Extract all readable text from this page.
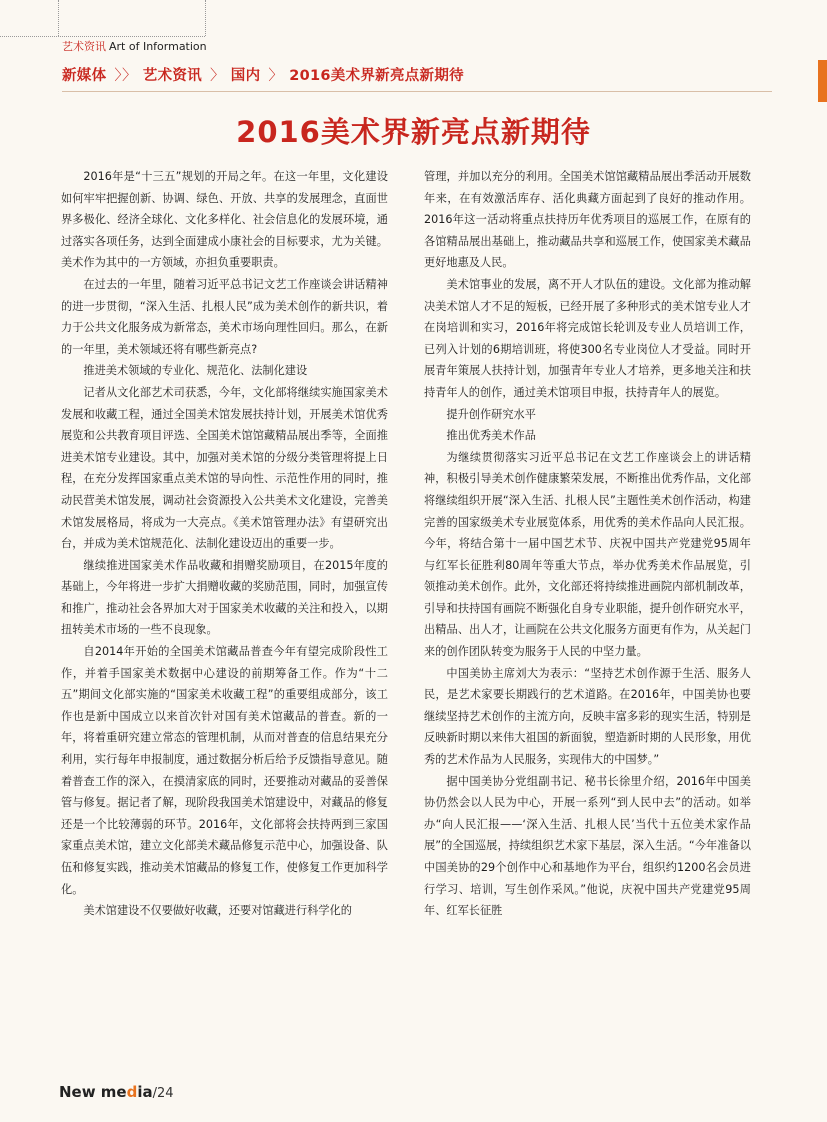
艺术资讯 Art of Information
新媒体 〉〉 艺术资讯 〉 国内 〉 2016美术界新亮点新期待
2016美术界新亮点新期待

2016年是“十三五”规划的开局之年。在这一年里，文化建设如何牢牢把握创新、协调、绿色、开放、共享的发展理念，直面世界多极化、经济全球化、文化多样化、社会信息化的发展环境，通过落实各项任务，达到全面建成小康社会的目标要求，尤为关键。美术作为其中的一方领域，亦担负重要职责。

在过去的一年里，随着习近平总书记文艺工作座谈会讲话精神的进一步贯彻，“深入生活、扎根人民”成为美术创作的新共识，着力于公共文化服务成为新常态，美术市场向理性回归。那么，在新的一年里，美术领域还将有哪些新亮点?

推进美术领域的专业化、规范化、法制化建设

记者从文化部艺术司获悉，今年，文化部将继续实施国家美术发展和收藏工程，通过全国美术馆发展扶持计划，开展美术馆优秀展览和公共教育项目评选、全国美术馆馆藏精品展出季等，全面推进美术馆专业建设。其中，加强对美术馆的分级分类管理将提上日程，在充分发挥国家重点美术馆的导向性、示范性作用的同时，推动民营美术馆发展，调动社会资源投入公共美术文化建设，完善美术馆发展格局，将成为一大亮点。《美术馆管理办法》有望研究出台，并成为美术馆规范化、法制化建设迈出的重要一步。

继续推进国家美术作品收藏和捐赠奖励项目，在2015年度的基础上，今年将进一步扩大捐赠收藏的奖励范围，同时，加强宣传和推广，推动社会各界加大对于国家美术收藏的关注和投入，以期扭转美术市场的一些不良现象。

自2014年开始的全国美术馆藏品普查今年有望完成阶段性工作，并着手国家美术数据中心建设的前期筹备工作。作为“十二五”期间文化部实施的“国家美术收藏工程”的重要组成部分，该工作也是新中国成立以来首次针对国有美术馆藏品的普查。新的一年，将着重研究建立常态的管理机制，从而对普查的信息结果充分利用，实行每年申报制度，通过数据分析后给予反馈指导意见。随着普查工作的深入，在摸清家底的同时，还要推动对藏品的妥善保管与修复。据记者了解，现阶段我国美术馆建设中，对藏品的修复还是一个比较薄弱的环节。2016年，文化部将会扶持两到三家国家重点美术馆，建立文化部美术藏品修复示范中心，加强设备、队伍和修复实践，推动美术馆藏品的修复工作，使修复工作更加科学化。

美术馆建设不仅要做好收藏，还要对馆藏进行科学化的

管理，并加以充分的利用。全国美术馆馆藏精品展出季活动开展数年来，在有效激活库存、活化典藏方面起到了良好的推动作用。2016年这一活动将重点扶持历年优秀项目的巡展工作，在原有的各馆精品展出基础上，推动藏品共享和巡展工作，使国家美术藏品更好地惠及人民。

美术馆事业的发展，离不开人才队伍的建设。文化部为推动解决美术馆人才不足的短板，已经开展了多种形式的美术馆专业人才在岗培训和实习，2016年将完成馆长轮训及专业人员培训工作，已列入计划的6期培训班，将使300名专业岗位人才受益。同时开展青年策展人扶持计划，加强青年专业人才培养，更多地关注和扶持青年人的创作，通过美术馆项目申报，扶持青年人的展览。

提升创作研究水平

推出优秀美术作品

为继续贯彻落实习近平总书记在文艺工作座谈会上的讲话精神，积极引导美术创作健康繁荣发展，不断推出优秀作品，文化部将继续组织开展“深入生活、扎根人民”主题性美术创作活动，构建完善的国家级美术专业展览体系，用优秀的美术作品向人民汇报。今年，将结合第十一届中国艺术节、庆祝中国共产党建党95周年与红军长征胜利80周年等重大节点，举办优秀美术作品展览，引领推动美术创作。此外，文化部还将持续推进画院内部机制改革，引导和扶持国有画院不断强化自身专业职能，提升创作研究水平，出精品、出人才，让画院在公共文化服务方面更有作为，从关起门来的创作团队转变为服务于人民的中坚力量。

中国美协主席刘大为表示：“坚持艺术创作源于生活、服务人民，是艺术家要长期践行的艺术道路。在2016年，中国美协也要继续坚持艺术创作的主流方向，反映丰富多彩的现实生活，特别是反映新时期以来伟大祖国的新面貌，塑造新时期的人民形象，用优秀的艺术作品为人民服务，实现伟大的中国梦。”

据中国美协分党组副书记、秘书长徐里介绍，2016年中国美协仍然会以人民为中心，开展一系列“到人民中去”的活动。如举办“向人民汇报——‘深入生活、扎根人民’当代十五位美术家作品展”的全国巡展，持续组织艺术家下基层，深入生活。“今年准备以中国美协的29个创作中心和基地作为平台，组织约1200名会员进行学习、培训，写生创作采风。”他说，庆祝中国共产党建党95周年、红军长征胜

New media/24
